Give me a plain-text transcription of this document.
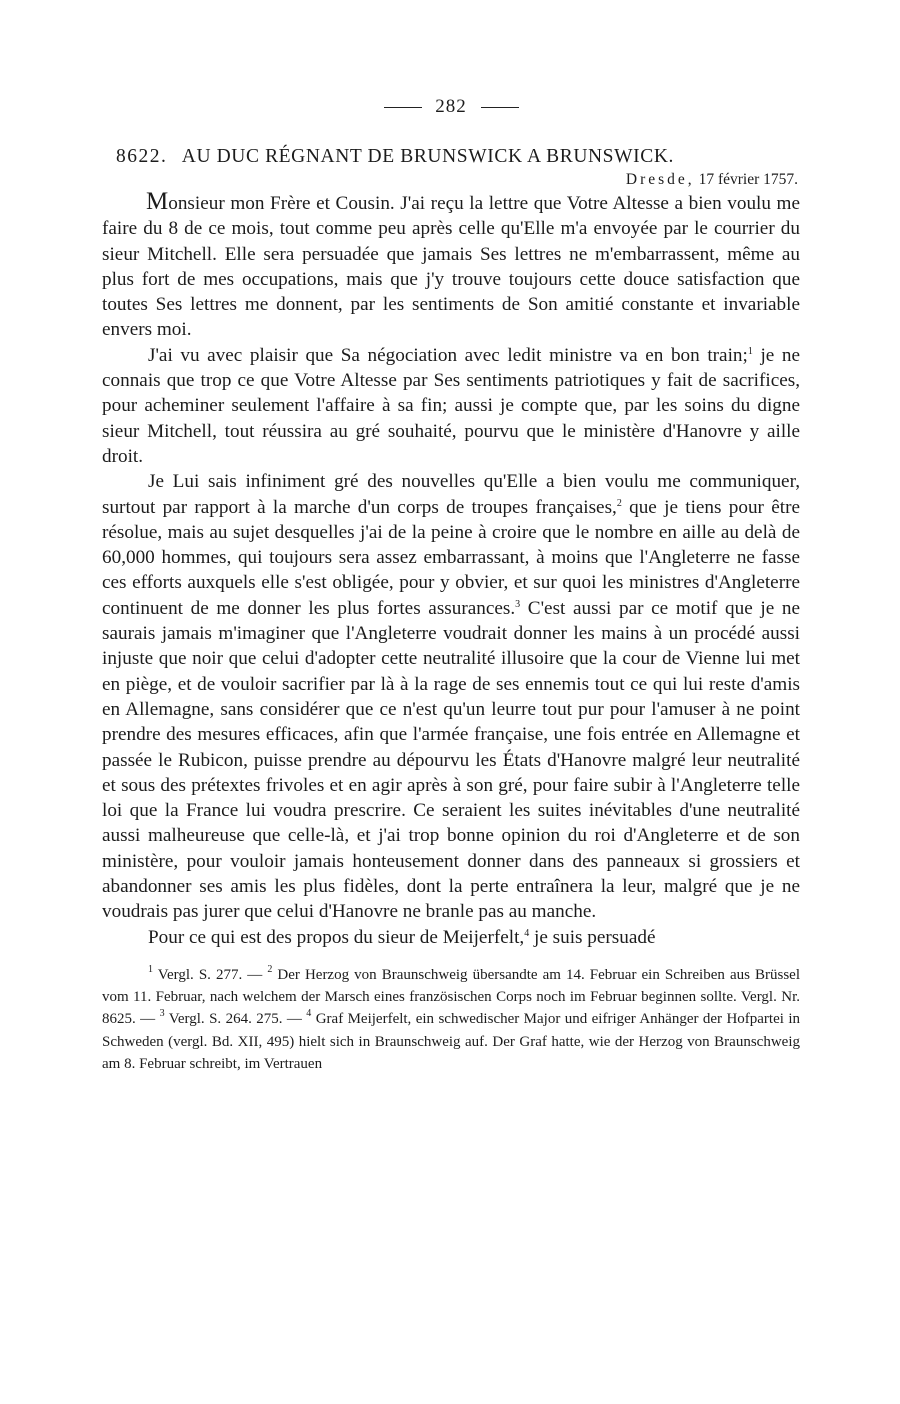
282
8622. AU DUC RÉGNANT DE BRUNSWICK A BRUNSWICK.
Dresde, 17 février 1757.

Monsieur mon Frère et Cousin. J'ai reçu la lettre que Votre Altesse a bien voulu me faire du 8 de ce mois, tout comme peu après celle qu'Elle m'a envoyée par le courrier du sieur Mitchell. Elle sera persuadée que jamais Ses lettres ne m'embarrassent, même au plus fort de mes occupations, mais que j'y trouve toujours cette douce satisfaction que toutes Ses lettres me donnent, par les sentiments de Son amitié constante et invariable envers moi.

J'ai vu avec plaisir que Sa négociation avec ledit ministre va en bon train;$^1$ je ne connais que trop ce que Votre Altesse par Ses sentiments patriotiques y fait de sacrifices, pour acheminer seulement l'affaire à sa fin; aussi je compte que, par les soins du digne sieur Mitchell, tout réussira au gré souhaité, pourvu que le ministère d'Hanovre y aille droit.

Je Lui sais infiniment gré des nouvelles qu'Elle a bien voulu me communiquer, surtout par rapport à la marche d'un corps de troupes françaises,$^2$ que je tiens pour être résolue, mais au sujet desquelles j'ai de la peine à croire que le nombre en aille au delà de 60,000 hommes, qui toujours sera assez embarrassant, à moins que l'Angleterre ne fasse ces efforts auxquels elle s'est obligée, pour y obvier, et sur quoi les ministres d'Angleterre continuent de me donner les plus fortes assurances.$^3$ C'est aussi par ce motif que je ne saurais jamais m'imaginer que l'Angleterre voudrait donner les mains à un procédé aussi injuste que noir que celui d'adopter cette neutralité illusoire que la cour de Vienne lui met en piège, et de vouloir sacrifier par là à la rage de ses ennemis tout ce qui lui reste d'amis en Allemagne, sans considérer que ce n'est qu'un leurre tout pur pour l'amuser à ne point prendre des mesures efficaces, afin que l'armée française, une fois entrée en Allemagne et passée le Rubicon, puisse prendre au dépourvu les États d'Hanovre malgré leur neutralité et sous des prétextes frivoles et en agir après à son gré, pour faire subir à l'Angleterre telle loi que la France lui voudra prescrire. Ce seraient les suites inévitables d'une neutralité aussi malheureuse que celle-là, et j'ai trop bonne opinion du roi d'Angleterre et de son ministère, pour vouloir jamais honteusement donner dans des panneaux si grossiers et abandonner ses amis les plus fidèles, dont la perte entraînera la leur, malgré que je ne voudrais pas jurer que celui d'Hanovre ne branle pas au manche.

Pour ce qui est des propos du sieur de Meijerfelt,$^4$ je suis persuadé

$^1$ Vergl. S. 277. — $^2$ Der Herzog von Braunschweig übersandte am 14. Februar ein Schreiben aus Brüssel vom 11. Februar, nach welchem der Marsch eines französischen Corps noch im Februar beginnen sollte. Vergl. Nr. 8625. — $^3$ Vergl. S. 264. 275. — $^4$ Graf Meijerfelt, ein schwedischer Major und eifriger Anhänger der Hofpartei in Schweden (vergl. Bd. XII, 495) hielt sich in Braunschweig auf. Der Graf hatte, wie der Herzog von Braunschweig am 8. Februar schreibt, im Vertrauen
